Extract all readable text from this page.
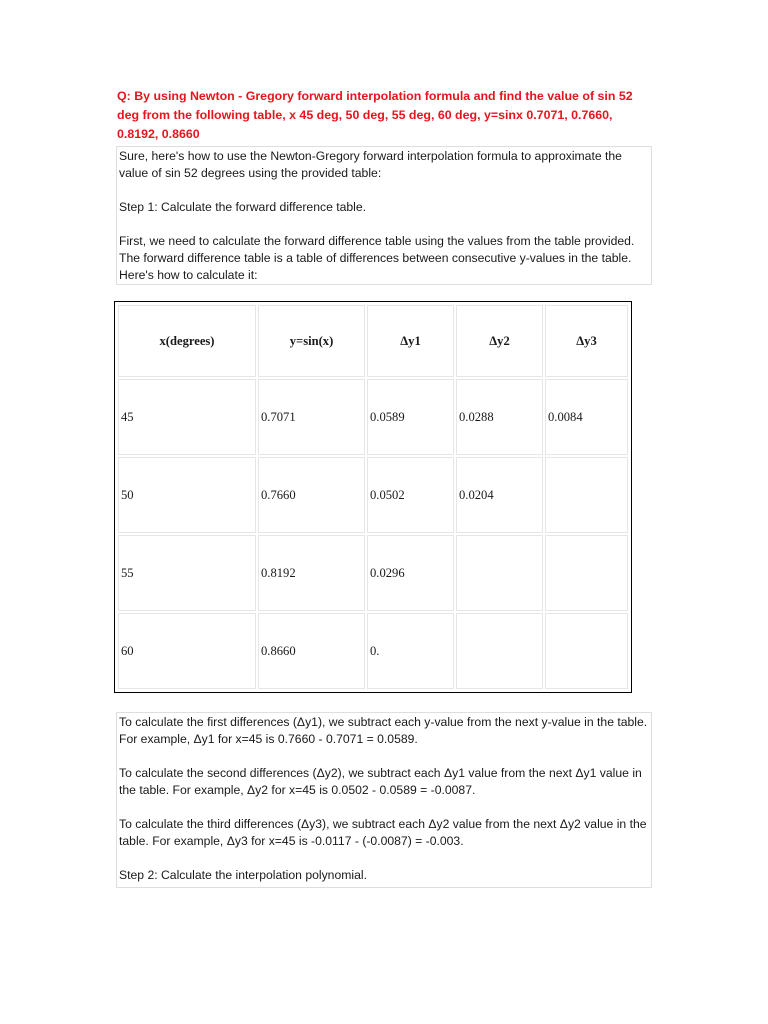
Q: By using Newton - Gregory forward interpolation formula and find the value of sin 52 deg from the following table, x 45 deg, 50 deg, 55 deg, 60 deg, y=sinx 0.7071, 0.7660, 0.8192, 0.8660

Sure, here's how to use the Newton-Gregory forward interpolation formula to approximate the value of sin 52 degrees using the provided table:

Step 1: Calculate the forward difference table.

First, we need to calculate the forward difference table using the values from the table provided. The forward difference table is a table of differences between consecutive y-values in the table. Here's how to calculate it:

x(degrees)	y=sin(x)	Δy1	Δy2	Δy3
45	0.7071	0.0589	0.0288	0.0084
50	0.7660	0.0502	0.0204	
55	0.8192	0.0296		
60	0.8660	0.		

To calculate the first differences (Δy1), we subtract each y-value from the next y-value in the table. For example, Δy1 for x=45 is 0.7660 - 0.7071 = 0.0589.

To calculate the second differences (Δy2), we subtract each Δy1 value from the next Δy1 value in the table. For example, Δy2 for x=45 is 0.0502 - 0.0589 = -0.0087.

To calculate the third differences (Δy3), we subtract each Δy2 value from the next Δy2 value in the table. For example, Δy3 for x=45 is -0.0117 - (-0.0087) = -0.003.

Step 2: Calculate the interpolation polynomial.
